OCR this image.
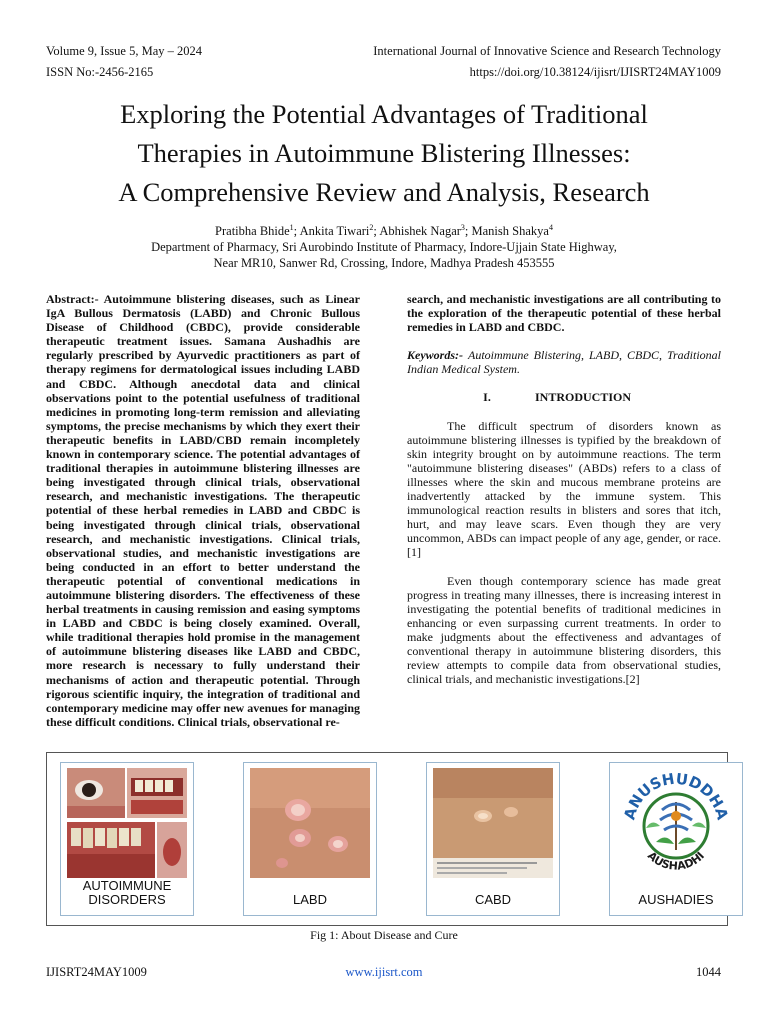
Volume 9, Issue 5, May – 2024	International Journal of Innovative Science and Research Technology
ISSN No:-2456-2165	https://doi.org/10.38124/ijisrt/IJISRT24MAY1009
Exploring the Potential Advantages of Traditional
Therapies in Autoimmune Blistering Illnesses:
A Comprehensive Review and Analysis, Research
Pratibha Bhide$^1$; Ankita Tiwari$^2$; Abhishek Nagar$^3$; Manish Shakya$^4$
Department of Pharmacy, Sri Aurobindo Institute of Pharmacy, Indore-Ujjain State Highway,
Near MR10, Sanwer Rd, Crossing, Indore, Madhya Pradesh 453555
Abstract:- Autoimmune blistering diseases, such as Linear IgA Bullous Dermatosis (LABD) and Chronic Bullous Disease of Childhood (CBDC), provide considerable therapeutic treatment issues. Samana Aushadhis are regularly prescribed by Ayurvedic practitioners as part of therapy regimens for dermatological issues including LABD and CBDC. Although anecdotal data and clinical observations point to the potential usefulness of traditional medicines in promoting long-term remission and alleviating symptoms, the precise mechanisms by which they exert their therapeutic benefits in LABD/CBD remain incompletely known in contemporary science. The potential advantages of traditional therapies in autoimmune blistering illnesses are being investigated through clinical trials, observational research, and mechanistic investigations. The therapeutic potential of these herbal remedies in LABD and CBDC is being investigated through clinical trials, observational research, and mechanistic investigations. Clinical trials, observational studies, and mechanistic investigations are being conducted in an effort to better understand the therapeutic potential of conventional medications in autoimmune blistering disorders. The effectiveness of these herbal treatments in causing remission and easing symptoms in LABD and CBDC is being closely examined. Overall, while traditional therapies hold promise in the management of autoimmune blistering diseases like LABD and CBDC, more research is necessary to fully understand their mechanisms of action and therapeutic potential. Through rigorous scientific inquiry, the integration of traditional and contemporary medicine may offer new avenues for managing these difficult conditions. Clinical trials, observational re-
search, and mechanistic investigations are all contributing to the exploration of the therapeutic potential of these herbal remedies in LABD and CBDC.
Keywords:- Autoimmune Blistering, LABD, CBDC, Traditional Indian Medical System.
I.	INTRODUCTION

The difficult spectrum of disorders known as autoimmune blistering illnesses is typified by the breakdown of skin integrity brought on by autoimmune reactions. The term "autoimmune blistering diseases" (ABDs) refers to a class of illnesses where the skin and mucous membrane proteins are inadvertently attacked by the immune system. This immunological reaction results in blisters and sores that itch, hurt, and may leave scars. Even though they are very uncommon, ABDs can impact people of any age, gender, or race.[1]

Even though contemporary science has made great progress in treating many illnesses, there is increasing interest in investigating the potential benefits of traditional medicines in enhancing or even surpassing current treatments. In order to make judgments about the effectiveness and advantages of conventional therapy in autoimmune blistering disorders, this review attempts to compile data from observational studies, clinical trials, and mechanistic investigations.[2]

AUTOIMMUNE
DISORDERS	LABD	CABD
ANUSHUDDHA
AUSHADHI
AUSHADIES
Fig 1: About Disease and Cure
IJISRT24MAY1009	www.ijisrt.com	1044
